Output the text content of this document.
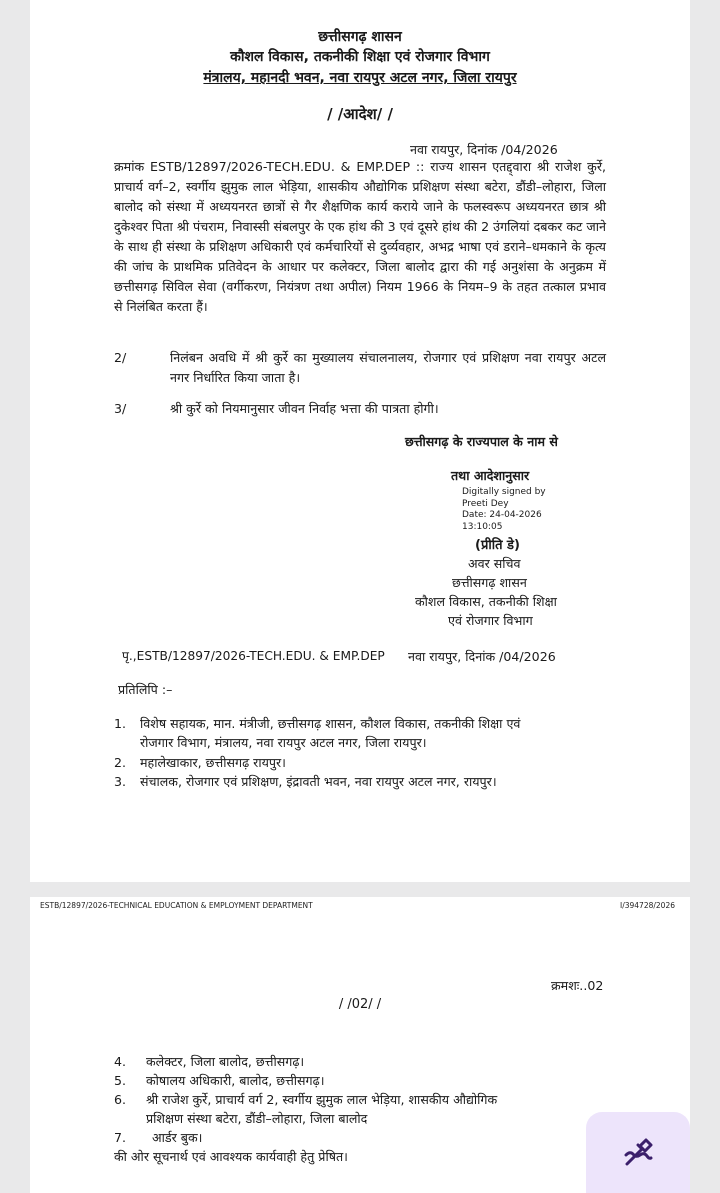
छत्तीसगढ़ शासन
कौशल विकास, तकनीकी शिक्षा एवं रोजगार विभाग
मंत्रालय, महानदी भवन, नवा रायपुर अटल नगर, जिला रायपुर
/ /आदेश/ /
नवा रायपुर, दिनांक /04/2026
क्रमांक ESTB/12897/2026-TECH.EDU. & EMP.DEP :: राज्य शासन एतद्द्वारा श्री राजेश कुर्रे, प्राचार्य वर्ग–2, स्वर्गीय झुमुक लाल भेड़िया, शासकीय औद्योगिक प्रशिक्षण संस्था बटेरा, डौंडी–लोहारा, जिला बालोद को संस्था में अध्ययनरत छात्रों से गैर शैक्षणिक कार्य कराये जाने के फलस्वरूप अध्ययनरत छात्र श्री दुकेश्वर पिता श्री पंचराम, निवास्सी संबलपुर के एक हांथ की 3 एवं दूसरे हांथ की 2 उंगलियां दबकर कट जाने के साथ ही संस्था के प्रशिक्षण अधिकारी एवं कर्मचारियों से दुर्व्यवहार, अभद्र भाषा एवं डराने–धमकाने के कृत्य की जांच के प्राथमिक प्रतिवेदन के आधार पर कलेक्टर, जिला बालोद द्वारा की गई अनुशंसा के अनुक्रम में छत्तीसगढ़ सिविल सेवा (वर्गीकरण, नियंत्रण तथा अपील) नियम 1966 के नियम–9 के तहत तत्काल प्रभाव से निलंबित करता हैं।
2/	निलंबन अवधि में श्री कुर्रे का मुख्यालय संचालनालय, रोजगार एवं प्रशिक्षण नवा रायपुर अटल नगर निर्धारित किया जाता है।
3/	श्री कुर्रे को नियमानुसार जीवन निर्वाह भत्ता की पात्रता होगी।
छत्तीसगढ़ के राज्यपाल के नाम से
तथा आदेशानुसार
Digitally signed by
Preeti Dey
Date: 24-04-2026
13:10:05
(प्रीति डे)
अवर सचिव
छत्तीसगढ़ शासन
कौशल विकास, तकनीकी शिक्षा
एवं रोजगार विभाग
पृ.,ESTB/12897/2026-TECH.EDU. & EMP.DEP नवा रायपुर, दिनांक /04/2026
प्रतिलिपि :–
1. विशेष सहायक, मान. मंत्रीजी, छत्तीसगढ़ शासन, कौशल विकास, तकनीकी शिक्षा एवं
रोजगार विभाग, मंत्रालय, नवा रायपुर अटल नगर, जिला रायपुर।
2. महालेखाकार, छत्तीसगढ़ रायपुर।
3. संचालक, रोजगार एवं प्रशिक्षण, इंद्रावती भवन, नवा रायपुर अटल नगर, रायपुर।
ESTB/12897/2026-TECHNICAL EDUCATION & EMPLOYMENT DEPARTMENT	I/394728/2026
क्रमशः..02
/ /02/ /
4. कलेक्टर, जिला बालोद, छत्तीसगढ़।
5. कोषालय अधिकारी, बालोद, छत्तीसगढ़।
6. श्री राजेश कुर्रे, प्राचार्य वर्ग 2, स्वर्गीय झुमुक लाल भेड़िया, शासकीय औद्योगिक
प्रशिक्षण संस्था बटेरा, डौंडी–लोहारा, जिला बालोद
7. आर्डर बुक।
की ओर सूचनार्थ एवं आवश्यक कार्यवाही हेतु प्रेषित।
